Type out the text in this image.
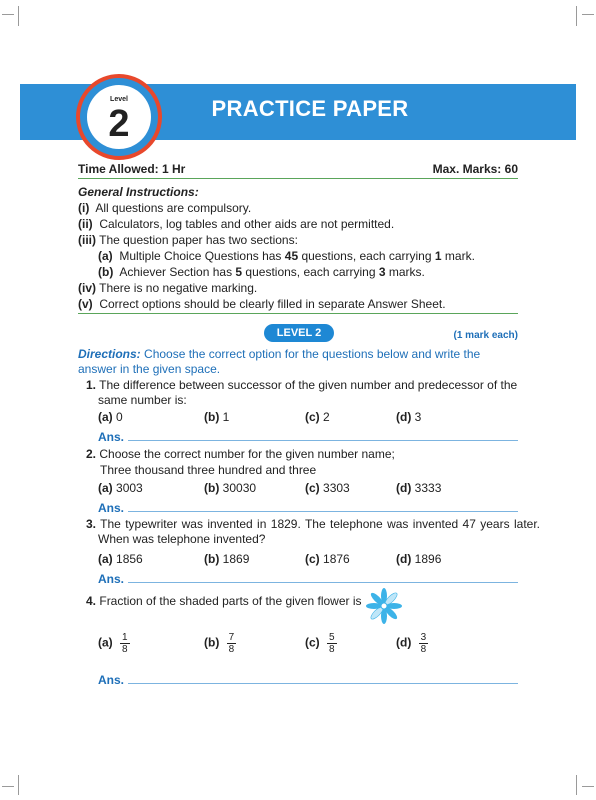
Level
2	PRACTICE PAPER
Time Allowed: 1 Hr	Max. Marks: 60
General Instructions:
(i) All questions are compulsory.
(ii) Calculators, log tables and other aids are not permitted.
(iii) The question paper has two sections:
(a) Multiple Choice Questions has 45 questions, each carrying 1 mark.
(b) Achiever Section has 5 questions, each carrying 3 marks.
(iv) There is no negative marking.
(v) Correct options should be clearly filled in separate Answer Sheet.
LEVEL 2	(1 mark each)
Directions: Choose the correct option for the questions below and write the answer in the given space.
1. The difference between successor of the given number and predecessor of the same number is:
(a) 0	(b) 1	(c) 2	(d) 3
Ans.
2. Choose the correct number for the given number name;
Three thousand three hundred and three
(a) 3003	(b) 30030	(c) 3303	(d) 3333
Ans.
3. The typewriter was invented in 1829. The telephone was invented 47 years later. When was telephone invented?
(a) 1856	(b) 1869	(c) 1876	(d) 1896
Ans.
4. Fraction of the shaded parts of the given flower is
$(a) \frac{1}{8}$	$(b) \frac{7}{8}$	$(c) \frac{5}{8}$	$(d) \frac{3}{8}$
Ans.
